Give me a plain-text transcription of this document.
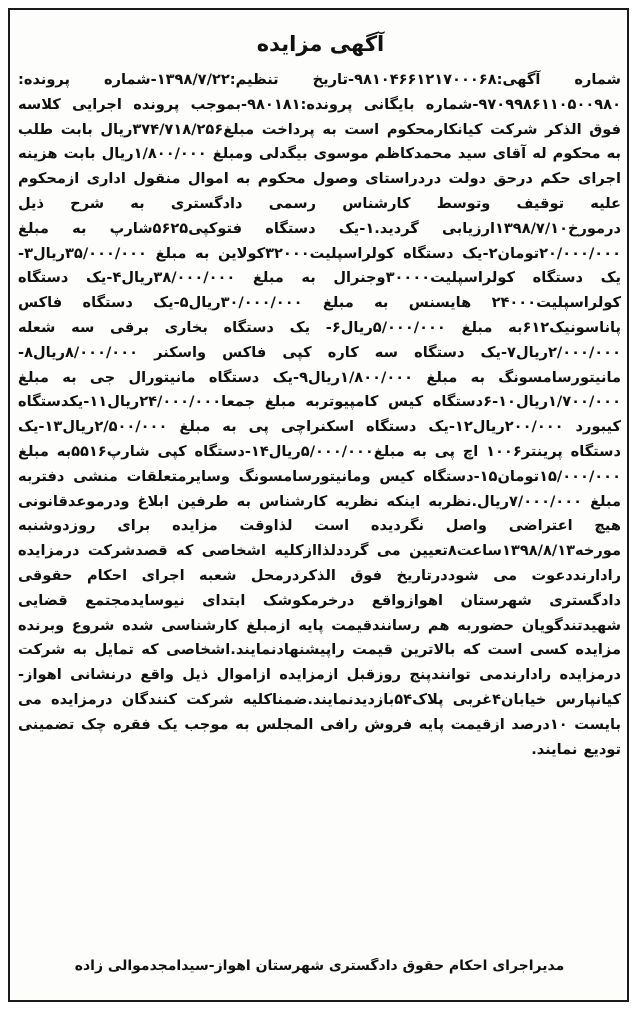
آگهی مزایده
شماره آگهی:۹۸۱۰۴۶۶۱۲۱۷۰۰۰۶۸-تاریخ تنظیم:۱۳۹۸/۷/۲۲-شماره پرونده: ۹۷۰۹۹۸۶۱۱۰۵۰۰۹۸۰-شماره بایگانی پرونده:۹۸۰۱۸۱-بموجب پرونده اجرایی کلاسه فوق الذکر شرکت کیانکارمحکوم است به پرداخت مبلغ۳۷۴/۷۱۸/۲۵۶ریال بابت طلب به محکوم له آقای سید محمدکاظم موسوی بیگدلی ومبلغ ۱/۸۰۰/۰۰۰ریال بابت هزینه اجرای حکم درحق دولت دردراستای وصول محکوم به اموال منقول اداری ازمحکوم علیه توقیف وتوسط کارشناس رسمی دادگستری به شرح ذیل درمورخ۱۳۹۸/۷/۱۰ارزیابی گردید.۱-یک دستگاه فتوکپی۵۶۲۵شارپ به مبلغ ۲۰/۰۰۰/۰۰۰تومان۲-یک دستگاه کولراسپلیت۳۲۰۰۰کولاین به مبلغ ۳۵/۰۰۰/۰۰۰ریال۳-یک دستگاه کولراسپلیت۳۰۰۰۰وجنرال به مبلغ ۳۸/۰۰۰/۰۰۰ریال۴-یک دستگاه کولراسپلیت۲۴۰۰۰ هایسنس به مبلغ ۳۰/۰۰۰/۰۰۰ریال۵-یک دستگاه فاکس پاناسونیک۶۱۲به مبلغ ۵/۰۰۰/۰۰۰ریال۶- یک دستگاه بخاری برقی سه شعله ۲/۰۰۰/۰۰۰ریال۷-یک دستگاه سه کاره کپی فاکس واسکنر ۸/۰۰۰/۰۰۰ریال۸-مانیتورسامسونگ به مبلغ ۱/۸۰۰/۰۰۰ریال۹-یک دستگاه مانیتورال جی به مبلغ ۱/۷۰۰/۰۰۰ریال۱۰-۶دستگاه کیس کامپیوتربه مبلغ جمعا۲۴/۰۰۰/۰۰۰ریال۱۱-یکدستگاه کیبورد ۲۰۰/۰۰۰ریال۱۲-یک دستگاه اسکنراچی پی به مبلغ ۲/۵۰۰/۰۰۰ریال۱۳-یک دستگاه پرینتر۱۰۰۶ اچ پی به مبلغ۵/۰۰۰/۰۰۰ریال۱۴-دستگاه کپی شارپ۵۵۱۶به مبلغ ۱۵/۰۰۰/۰۰۰تومان۱۵-دستگاه کیس ومانیتورسامسونگ وسایرمتعلقات منشی دفتربه مبلغ ۷/۰۰۰/۰۰۰ریال.نظربه اینکه نظریه کارشناس به طرفین ابلاغ ودرموعدقانونی هیچ اعتراضی واصل نگردیده است لذاوقت مزایده برای روزدوشنبه مورخه۱۳۹۸/۸/۱۳ساعت۸تعیین می گرددلذاازکلیه اشخاصی که قصدشرکت درمزایده رادارنددعوت می شوددرتاریخ فوق الذکردرمحل شعبه اجرای احکام حقوقی دادگستری شهرستان اهوازواقع درخرمکوشک ابتدای نیوسایدمجتمع قضایی شهیدتندگویان حضوربه هم رسانندقیمت پایه ازمبلغ کارشناسی شده شروع وبرنده مزایده کسی است که بالاترین قیمت راپیشنهادنمایند.اشخاصی که تمایل به شرکت درمزایده رادارندمی توانندپنج روزقبل ازمزایده ازاموال ذیل واقع درنشانی اهواز-کیانپارس خیابان۴غربی پلاک۵۴بازدیدنمایند.ضمناکلیه شرکت کنندگان درمزایده می بایست ۱۰درصد ازقیمت پایه فروش رافی المجلس به موجب یک فقره چک تضمینی تودیع نمایند.
مدیراجرای احکام حقوق دادگستری شهرستان اهواز-سیدامجدموالی زاده
